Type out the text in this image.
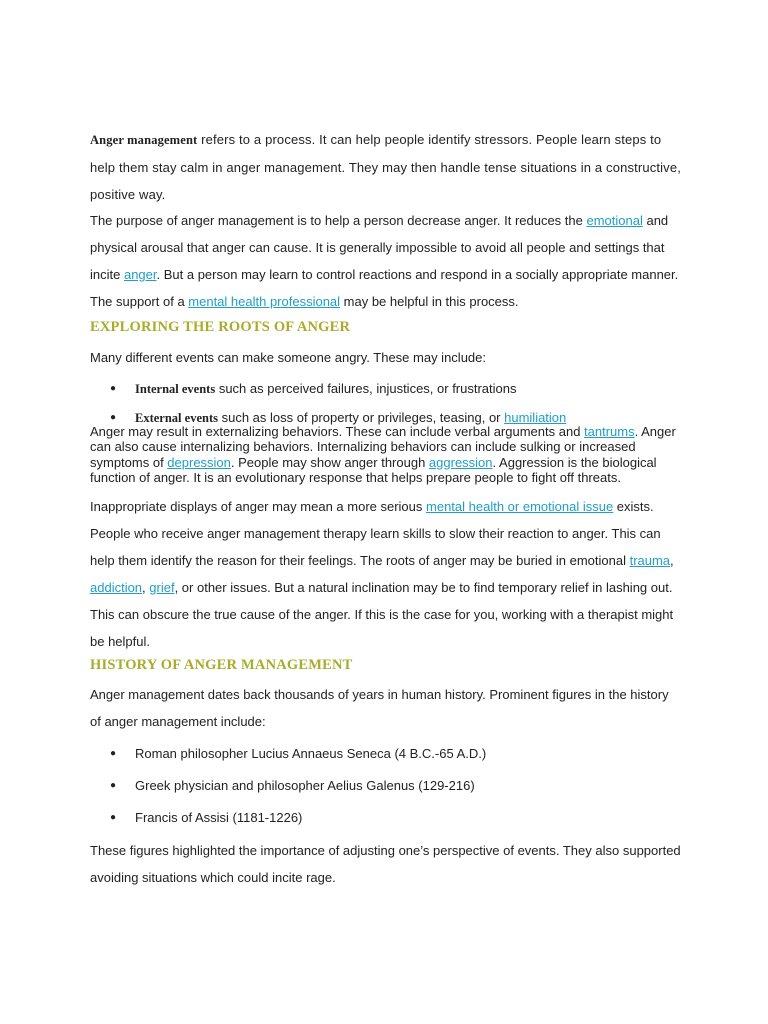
Anger management refers to a process. It can help people identify stressors. People learn steps to help them stay calm in anger management. They may then handle tense situations in a constructive, positive way.

The purpose of anger management is to help a person decrease anger. It reduces the emotional and physical arousal that anger can cause. It is generally impossible to avoid all people and settings that incite anger. But a person may learn to control reactions and respond in a socially appropriate manner. The support of a mental health professional may be helpful in this process.

EXPLORING THE ROOTS OF ANGER

Many different events can make someone angry. These may include:

● Internal events such as perceived failures, injustices, or frustrations
● External events such as loss of property or privileges, teasing, or humiliation

Anger may result in externalizing behaviors. These can include verbal arguments and tantrums. Anger can also cause internalizing behaviors. Internalizing behaviors can include sulking or increased symptoms of depression. People may show anger through aggression. Aggression is the biological function of anger. It is an evolutionary response that helps prepare people to fight off threats.

Inappropriate displays of anger may mean a more serious mental health or emotional issue exists. People who receive anger management therapy learn skills to slow their reaction to anger. This can help them identify the reason for their feelings. The roots of anger may be buried in emotional trauma, addiction, grief, or other issues. But a natural inclination may be to find temporary relief in lashing out. This can obscure the true cause of the anger. If this is the case for you, working with a therapist might be helpful.

HISTORY OF ANGER MANAGEMENT

Anger management dates back thousands of years in human history. Prominent figures in the history of anger management include:

● Roman philosopher Lucius Annaeus Seneca (4 B.C.-65 A.D.)
● Greek physician and philosopher Aelius Galenus (129-216)
● Francis of Assisi (1181-1226)

These figures highlighted the importance of adjusting one’s perspective of events. They also supported avoiding situations which could incite rage.
